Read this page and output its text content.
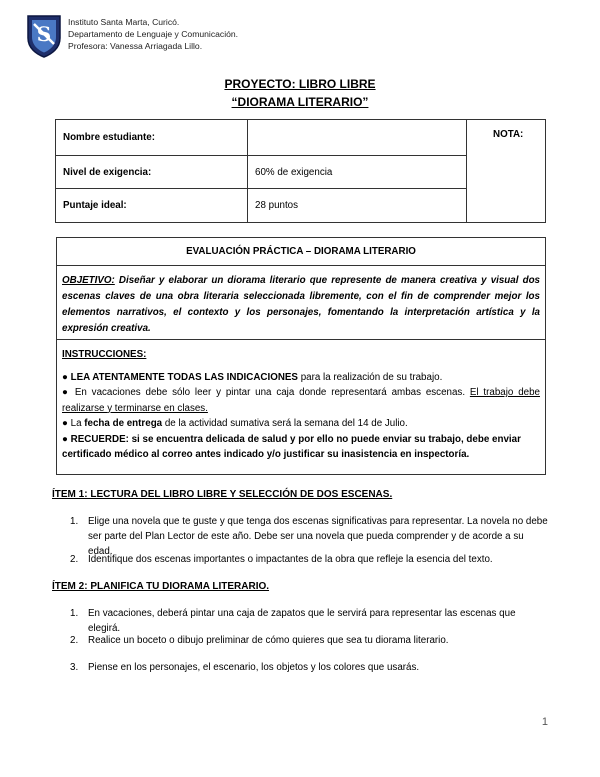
S Instituto Santa Marta, Curicó.
Departamento de Lenguaje y Comunicación.
Profesora: Vanessa Arriagada Lillo.
PROYECTO: LIBRO LIBRE
“DIORAMA LITERARIO”
Nombre estudiante:		NOTA:
Nivel de exigencia:	60% de exigencia	
Puntaje ideal:	28 puntos	
EVALUACIÓN PRÁCTICA – DIORAMA LITERARIO
OBJETIVO: Diseñar y elaborar un diorama literario que represente de manera creativa y visual dos escenas claves de una obra literaria seleccionada libremente, con el fin de comprender mejor los elementos narrativos, el contexto y los personajes, fomentando la interpretación artística y la expresión creativa.
INSTRUCCIONES:
● LEA ATENTAMENTE TODAS LAS INDICACIONES para la realización de su trabajo.
● En vacaciones debe sólo leer y pintar una caja donde representará ambas escenas. El trabajo debe realizarse y terminarse en clases.
● La fecha de entrega de la actividad sumativa será la semana del 14 de Julio.
● RECUERDE: si se encuentra delicada de salud y por ello no puede enviar su trabajo, debe enviar certificado médico al correo antes indicado y/o justificar su inasistencia en inspectoría.
ÍTEM 1: LECTURA DEL LIBRO LIBRE Y SELECCIÓN DE DOS ESCENAS.
1. Elige una novela que te guste y que tenga dos escenas significativas para representar. La novela no debe ser parte del Plan Lector de este año. Debe ser una novela que pueda comprender y de acorde a su edad.
2. Identifique dos escenas importantes o impactantes de la obra que refleje la esencia del texto.
ÍTEM 2: PLANIFICA TU DIORAMA LITERARIO.
1. En vacaciones, deberá pintar una caja de zapatos que le servirá para representar las escenas que elegirá.
2. Realice un boceto o dibujo preliminar de cómo quieres que sea tu diorama literario.
3. Piense en los personajes, el escenario, los objetos y los colores que usarás.
1
